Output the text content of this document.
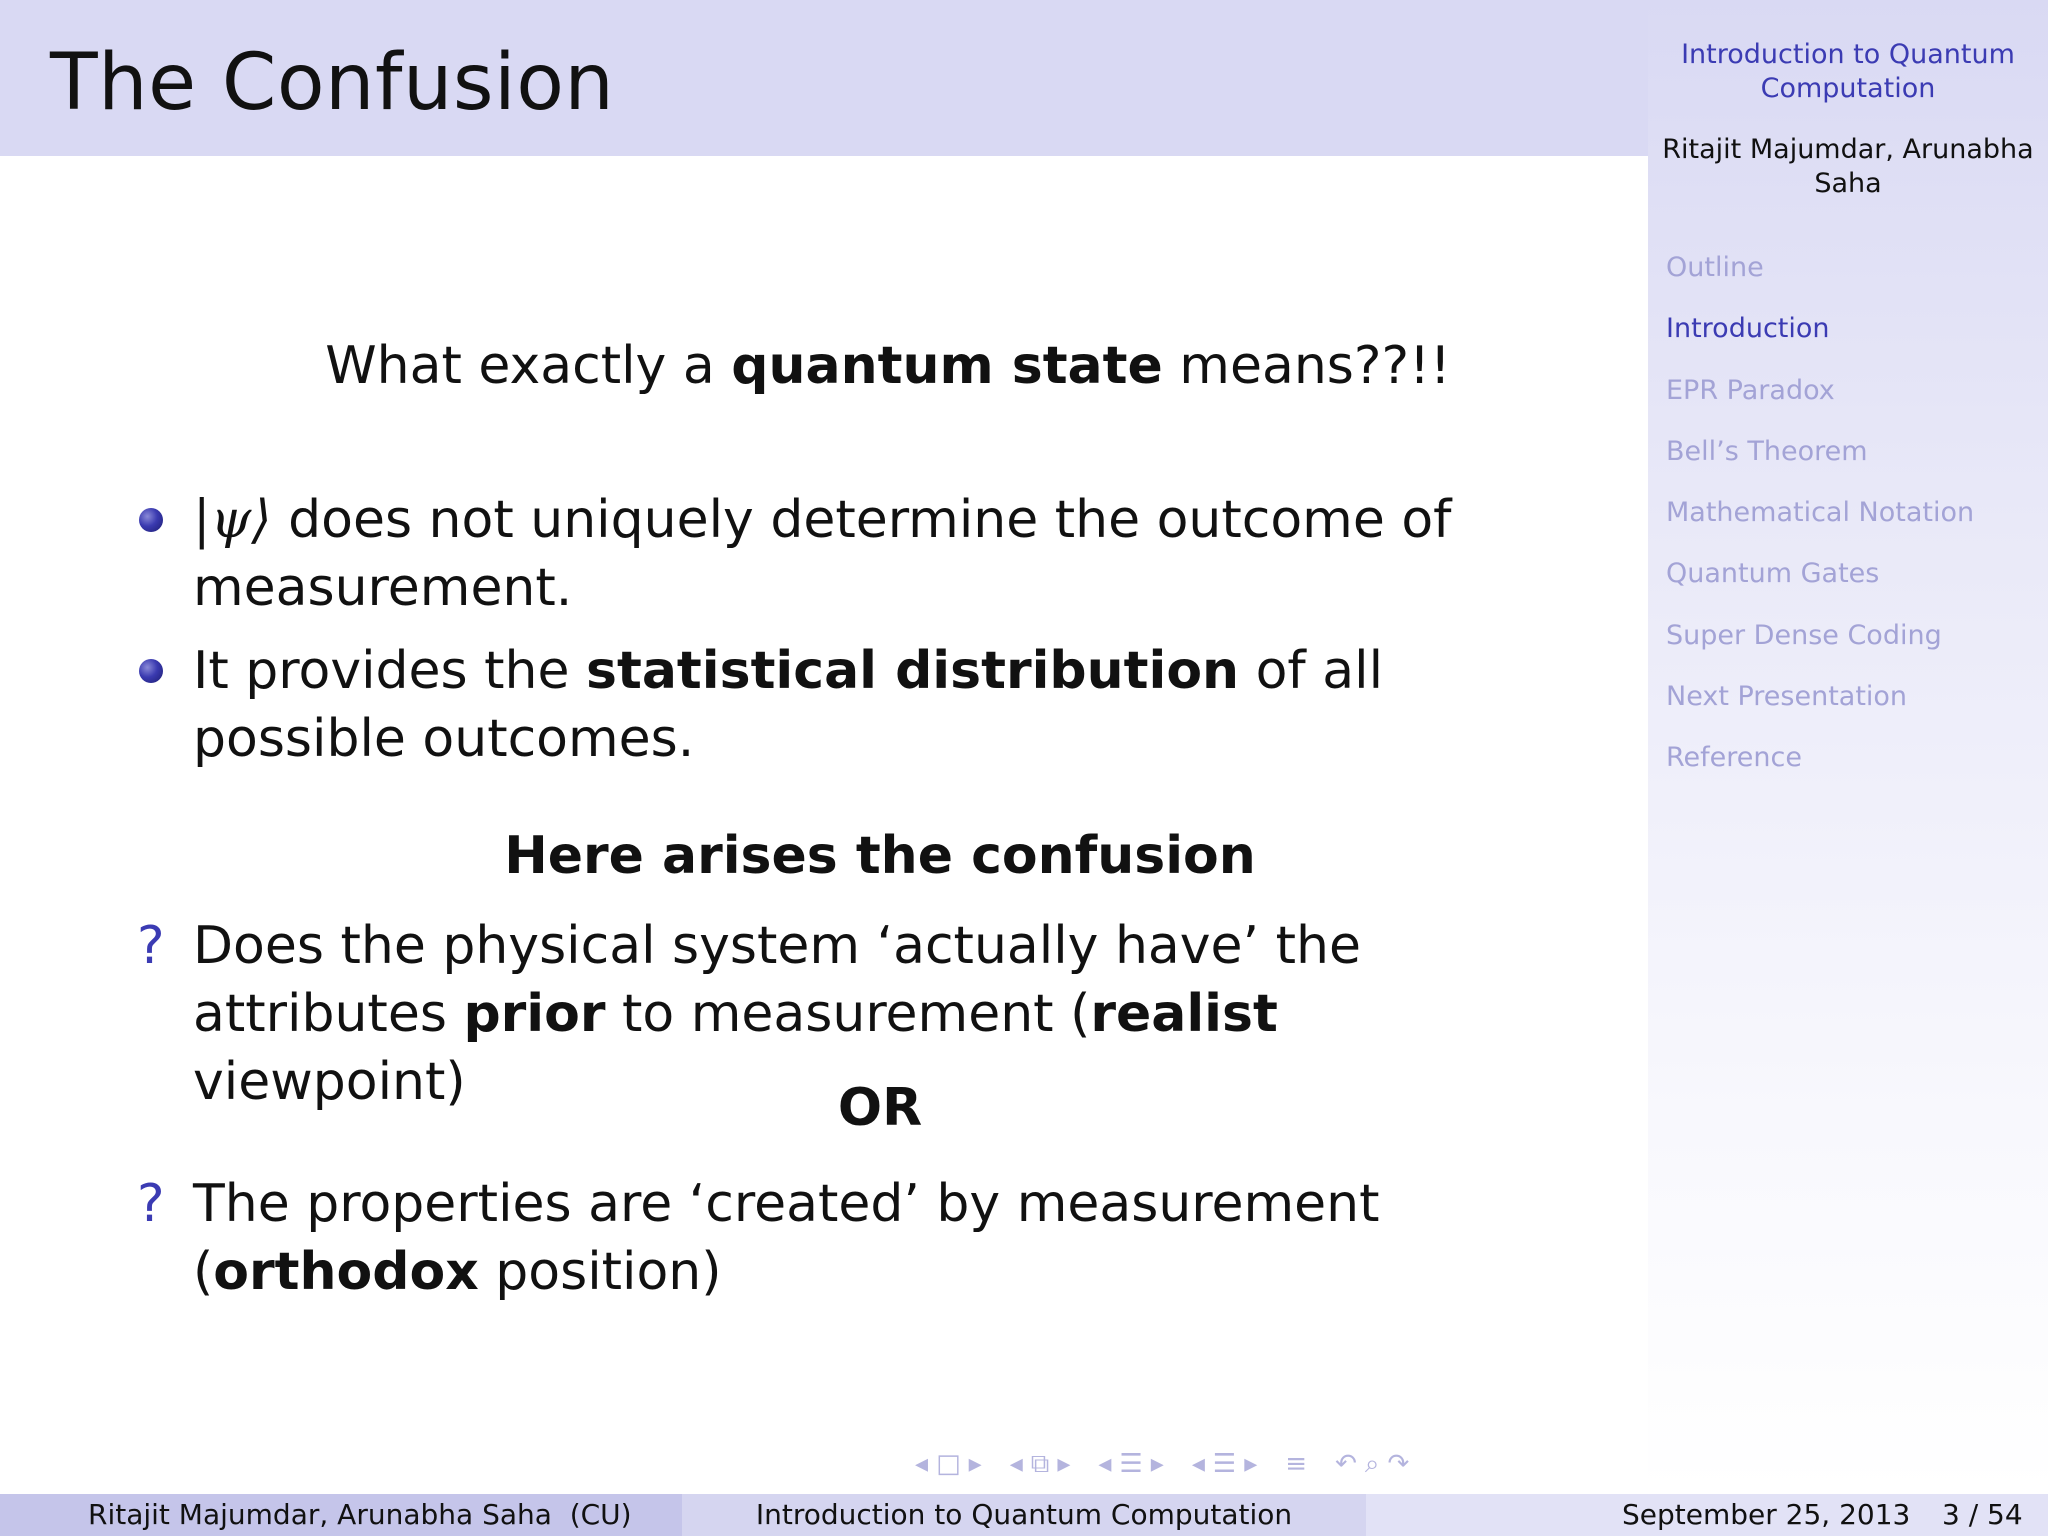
The Confusion	Introduction to Quantum Computation
Ritajit Majumdar, Arunabha Saha
Outline
Introduction
EPR Paradox
Bell’s Theorem
Mathematical Notation
Quantum Gates
Super Dense Coding
Next Presentation
Reference
What exactly a quantum state means??!!
|ψ⟩ does not uniquely determine the outcome of measurement.
It provides the statistical distribution of all possible outcomes.
Here arises the confusion
? Does the physical system ‘actually have’ the attributes prior to measurement (realist viewpoint)	OR
? The properties are ‘created’ by measurement (orthodox position)
◂ □ ▸ ◂ ⧉ ▸ ◂ ☰ ▸ ◂ ☰ ▸ ≡ ↶ ⌕ ↷
Ritajit Majumdar, Arunabha Saha  (CU)	Introduction to Quantum Computation	September 25, 2013 3 / 54
